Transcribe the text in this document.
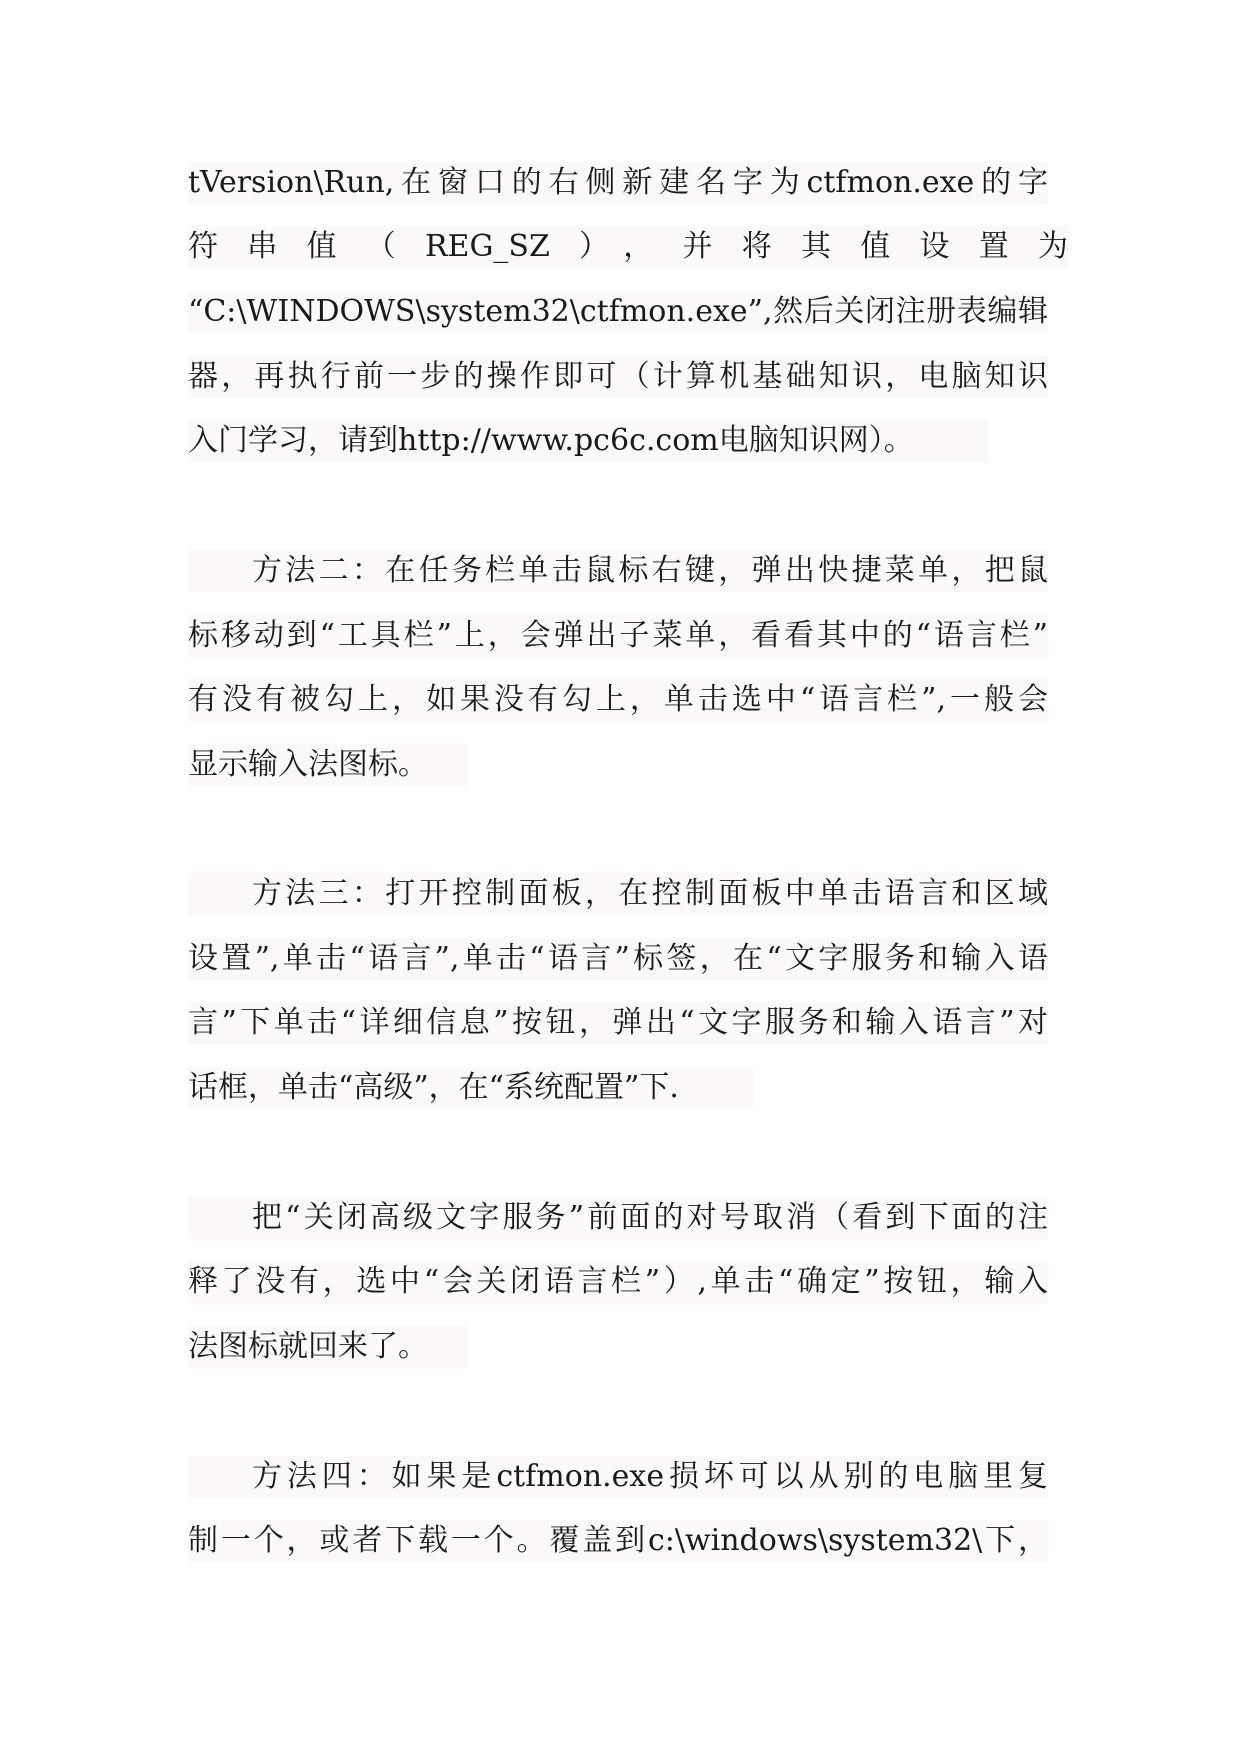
tVersion\Run,在窗口的右侧新建名字为ctfmon.exe的字
符串值（REG_SZ），并将其值设置为
“C:\WINDOWS\system32\ctfmon.exe”,然后关闭注册表编辑
器，再执行前一步的操作即可（计算机基础知识，电脑知识
入门学习，请到http://www.pc6c.com电脑知识网）。
方法二：在任务栏单击鼠标右键，弹出快捷菜单，把鼠
标移动到“工具栏”上，会弹出子菜单，看看其中的“语言栏”
有没有被勾上，如果没有勾上，单击选中“语言栏”,一般会
显示输入法图标。
方法三：打开控制面板，在控制面板中单击语言和区域
设置”,单击“语言”,单击“语言”标签，在“文字服务和输入语
言”下单击“详细信息”按钮，弹出“文字服务和输入语言”对
话框，单击“高级”，在“系统配置”下.
把“关闭高级文字服务”前面的对号取消（看到下面的注
释了没有，选中“会关闭语言栏”）,单击“确定”按钮，输入
法图标就回来了。
方法四：如果是ctfmon.exe损坏可以从别的电脑里复
制一个，或者下载一个。覆盖到c:\windows\system32\下，
